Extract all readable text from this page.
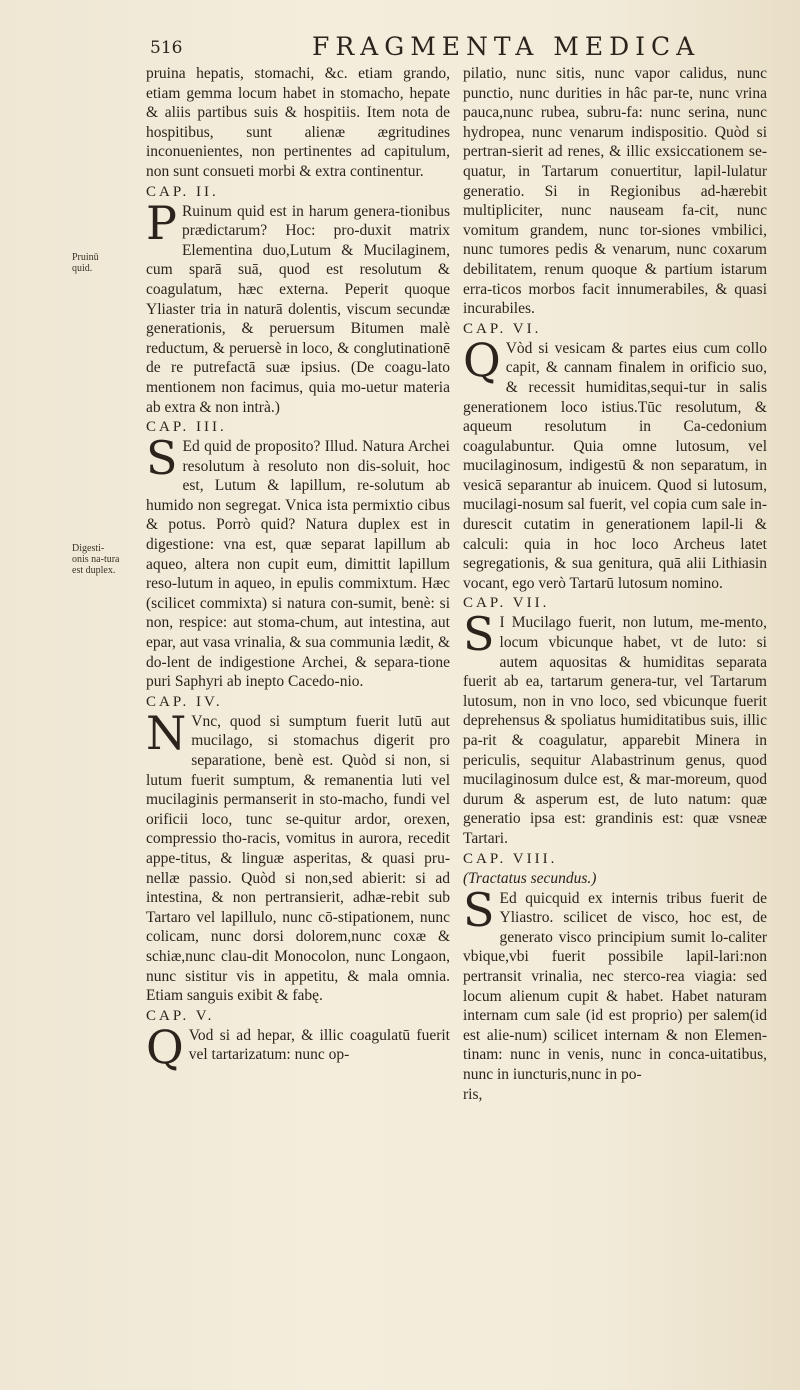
516	FRAGMENTA MEDICA
Pruinū quid.
Digesti-onis na-tura est duplex.

pruina hepatis, stomachi, &c. etiam grando, etiam gemma locum habet in stomacho, hepate & aliis partibus suis & hospitiis. Item nota de hospitibus, sunt alienæ ægritudines inconuenientes, non pertinentes ad capitulum, non sunt consueti morbi & extra continentur.

CAP. II.

P Ruinum quid est in harum genera-tionibus prædictarum? Hoc: pro-duxit matrix Elementina duo,Lutum & Mucilaginem, cum sparā suā, quod est resolutum & coagulatum, hæc externa. Peperit quoque Yliaster tria in naturā dolentis, viscum secundæ generationis, & peruersum Bitumen malè reductum, & peruersè in loco, & conglutinationē de re putrefactā suæ ipsius. (De coagu-lato mentionem non facimus, quia mo-uetur materia ab extra & non intrà.)

CAP. III.

S Ed quid de proposito? Illud. Natura Archei resolutum à resoluto non dis-soluit, hoc est, Lutum & lapillum, re-solutum ab humido non segregat. Vnica ista permixtio cibus & potus. Porrò quid? Natura duplex est in digestione: vna est, quæ separat lapillum ab aqueo, altera non cupit eum, dimittit lapillum reso-lutum in aqueo, in epulis commixtum. Hæc (scilicet commixta) si natura con-sumit, benè: si non, respice: aut stoma-chum, aut intestina, aut epar, aut vasa vrinalia, & sua communia lædit, & do-lent de indigestione Archei, & separa-tione puri Saphyri ab inepto Cacedo-nio.

CAP. IV.

N Vnc, quod si sumptum fuerit lutū aut mucilago, si stomachus digerit pro separatione, benè est. Quòd si non, si lutum fuerit sumptum, & remanentia luti vel mucilaginis permanserit in sto-macho, fundi vel orificii loco, tunc se-quitur ardor, orexen, compressio tho-racis, vomitus in aurora, recedit appe-titus, & linguæ asperitas, & quasi pru-nellæ passio. Quòd si non,sed abierit: si ad intestina, & non pertransierit, adhæ-rebit sub Tartaro vel lapillulo, nunc cō-stipationem, nunc colicam, nunc dorsi dolorem,nunc coxæ & schiæ,nunc clau-dit Monocolon, nunc Longaon, nunc sistitur vis in appetitu, & mala omnia. Etiam sanguis exibit & fabę.

CAP. V.

Q Vod si ad hepar, & illic coagulatū fuerit vel tartarizatum: nunc op-

pilatio, nunc sitis, nunc vapor calidus, nunc punctio, nunc durities in hâc par-te, nunc vrina pauca,nunc rubea, subru-fa: nunc serina, nunc hydropea, nunc venarum indispositio. Quòd si pertran-sierit ad renes, & illic exsiccationem se-quatur, in Tartarum conuertitur, lapil-lulatur generatio. Si in Regionibus ad-hærebit multipliciter, nunc nauseam fa-cit, nunc vomitum grandem, nunc tor-siones vmbilici, nunc tumores pedis & venarum, nunc coxarum debilitatem, renum quoque & partium istarum erra-ticos morbos facit innumerabiles, & quasi incurabiles.

CAP. VI.

Q Vòd si vesicam & partes eius cum collo capit, & cannam finalem in orificio suo, & recessit humiditas,sequi-tur in salis generationem loco istius.Tūc resolutum, & aqueum resolutum in Ca-cedonium coagulabuntur. Quia omne lutosum, vel mucilaginosum, indigestū & non separatum, in vesicā separantur ab inuicem. Quod si lutosum, mucilagi-nosum sal fuerit, vel copia cum sale in-durescit cutatim in generationem lapil-li & calculi: quia in hoc loco Archeus latet segregationis, & sua genitura, quā alii Lithiasin vocant, ego verò Tartarū lutosum nomino.

CAP. VII.

S I Mucilago fuerit, non lutum, me-mento, locum vbicunque habet, vt de luto: si autem aquositas & humiditas separata fuerit ab ea, tartarum genera-tur, vel Tartarum lutosum, non in vno loco, sed vbicunque fuerit deprehensus & spoliatus humiditatibus suis, illic pa-rit & coagulatur, apparebit Minera in periculis, sequitur Alabastrinum genus, quod mucilaginosum dulce est, & mar-moreum, quod durum & asperum est, de luto natum: quæ generatio ipsa est: grandinis est: quæ vsneæ Tartari.

CAP. VIII.

(Tractatus secundus.)

S Ed quicquid ex internis tribus fuerit de Yliastro. scilicet de visco, hoc est, de generato visco principium sumit lo-caliter vbique,vbi fuerit possibile lapil-lari:non pertransit vrinalia, nec sterco-rea viagia: sed locum alienum cupit & habet. Habet naturam internam cum sale (id est proprio) per salem(id est alie-num) scilicet internam & non Elemen-tinam: nunc in venis, nunc in conca-uitatibus, nunc in iuncturis,nunc in po-

ris,
